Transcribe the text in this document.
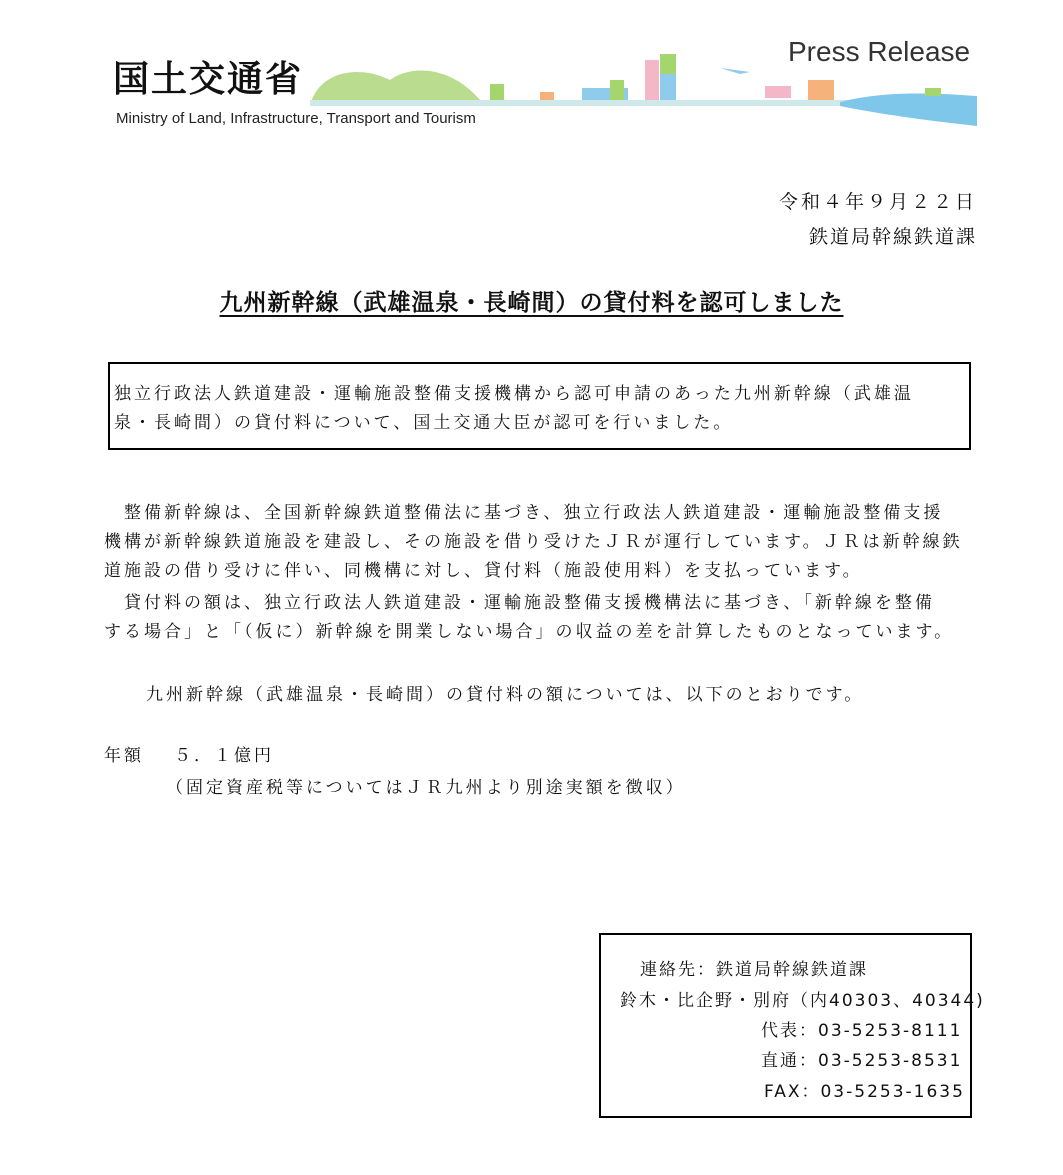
国土交通省
Ministry of Land, Infrastructure, Transport and Tourism
Press Release
令和４年９月２２日
鉄道局幹線鉄道課
九州新幹線（武雄温泉・長崎間）の貸付料を認可しました
独立行政法人鉄道建設・運輸施設整備支援機構から認可申請のあった九州新幹線（武雄温
泉・長崎間）の貸付料について、国土交通大臣が認可を行いました。
　整備新幹線は、全国新幹線鉄道整備法に基づき、独立行政法人鉄道建設・運輸施設整備支援
機構が新幹線鉄道施設を建設し、その施設を借り受けたＪＲが運行しています。ＪＲは新幹線鉄
道施設の借り受けに伴い、同機構に対し、貸付料（施設使用料）を支払っています。
　貸付料の額は、独立行政法人鉄道建設・運輸施設整備支援機構法に基づき、「新幹線を整備
する場合」と「（仮に）新幹線を開業しない場合」の収益の差を計算したものとなっています。
九州新幹線（武雄温泉・長崎間）の貸付料の額については、以下のとおりです。
年額 ５．１億円
（固定資産税等についてはＪＲ九州より別途実額を徴収）
連絡先：鉄道局幹線鉄道課
鈴木・比企野・別府（内40303、40344)
代表：03-5253-8111
直通：03-5253-8531
FAX：03-5253-1635
